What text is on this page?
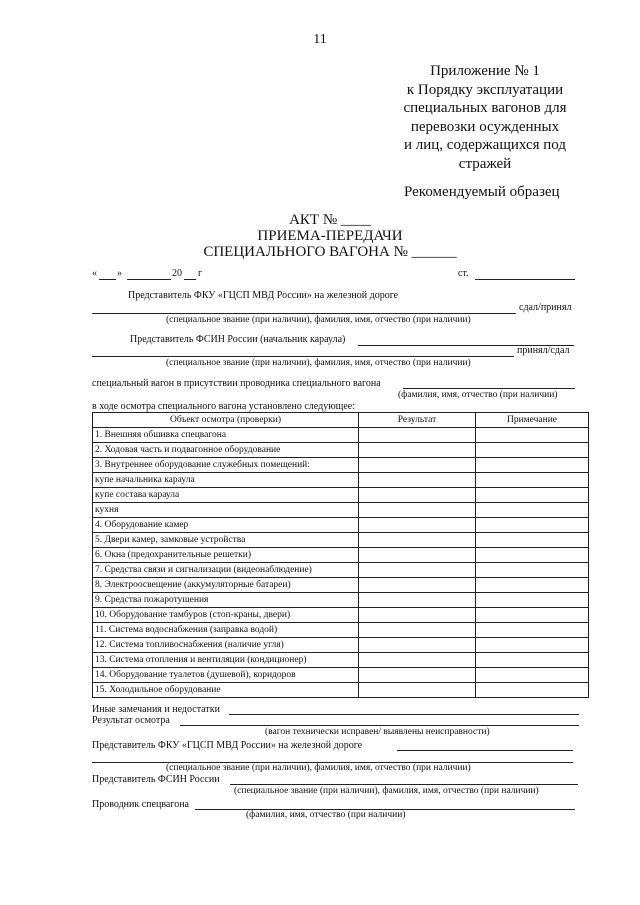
11
Приложение № 1
к Порядку эксплуатации
специальных вагонов для
перевозки осужденных
и лиц, содержащихся под
стражей
Рекомендуемый образец
АКТ № ____
ПРИЕМА-ПЕРЕДАЧИ
СПЕЦИАЛЬНОГО ВАГОНА № ______
« »	20 г	ст.
Представитель ФКУ «ГЦСП МВД России» на железной дороге
сдал/принял
(специальное звание (при наличии), фамилия, имя, отчество (при наличии)
Представитель ФСИН России (начальник караула)
принял/сдал
(специальное звание (при наличии), фамилия, имя, отчество (при наличии)
специальный вагон в присутствии проводника специального вагона
(фамилия, имя, отчество (при наличии)
в ходе осмотра специального вагона установлено следующее:
Объект осмотра (проверки)	Результат	Примечание
1. Внешняя обшивка спецвагона		
2. Ходовая часть и подвагонное оборудование		
3. Внутреннее оборудование служебных помещений:		
купе начальника караула		
купе состава караула		
кухня		
4. Оборудование камер		
5. Двери камер, замковые устройства		
6. Окна (предохранительные решетки)		
7. Средства связи и сигнализации (видеонаблюдение)		
8. Электроосвещение (аккумуляторные батареи)		
9. Средства пожаротушения		
10. Оборудование тамбуров (стоп-краны, двери)		
11. Система водоснабжения (заправка водой)		
12. Система топливоснабжения (наличие угля)		
13. Система отопления и вентиляции (кондиционер)		
14. Оборудование туалетов (душевой), коридоров		
15. Холодильное оборудование		
Иные замечания и недостатки
Результат осмотра
(вагон технически исправен/ выявлены неисправности)
Представитель ФКУ «ГЦСП МВД России» на железной дороге
(специальное звание (при наличии), фамилия, имя, отчество (при наличии)
Представитель ФСИН России
(специальное звание (при наличии), фамилия, имя, отчество (при наличии)
Проводник спецвагона
(фамилия, имя, отчество (при наличии)
